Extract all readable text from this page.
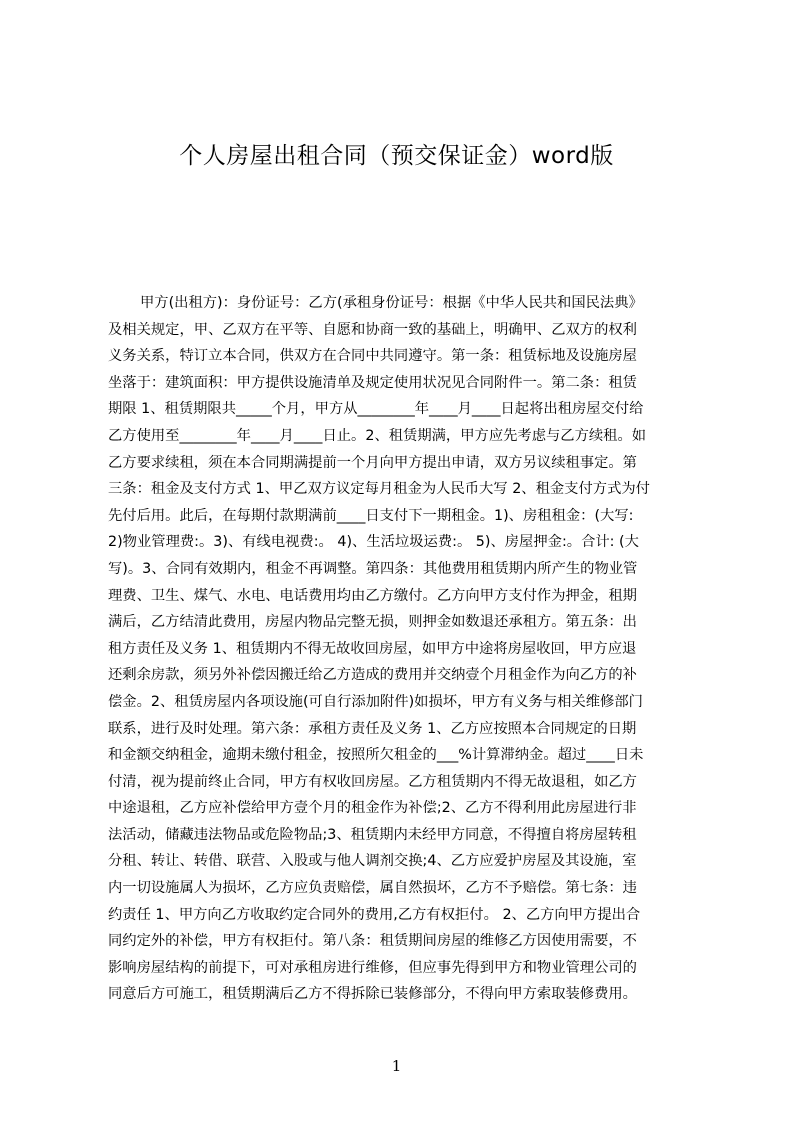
个人房屋出租合同（预交保证金）word版
甲方(出租方)：身份证号：乙方(承租身份证号：根据《中华人民共和国民法典》
及相关规定，甲、乙双方在平等、自愿和协商一致的基础上，明确甲、乙双方的权利
义务关系，特订立本合同，供双方在合同中共同遵守。第一条：租赁标地及设施房屋
坐落于：建筑面积：甲方提供设施清单及规定使用状况见合同附件一。第二条：租赁
期限 1、租赁期限共_____个月，甲方从________年____月____日起将出租房屋交付给
乙方使用至________年____月____日止。2、租赁期满，甲方应先考虑与乙方续租。如
乙方要求续租，须在本合同期满提前一个月向甲方提出申请，双方另议续租事定。第
三条：租金及支付方式 1、甲乙双方议定每月租金为人民币大写 2、租金支付方式为付
先付后用。此后，在每期付款期满前____日支付下一期租金。1)、房租租金：(大写:
2)物业管理费:。3)、有线电视费:。 4)、生活垃圾运费:。 5)、房屋押金:。合计: (大
写)。3、合同有效期内，租金不再调整。第四条：其他费用租赁期内所产生的物业管
理费、卫生、煤气、水电、电话费用均由乙方缴付。乙方向甲方支付作为押金，租期
满后，乙方结清此费用，房屋内物品完整无损，则押金如数退还承租方。第五条：出
租方责任及义务 1、租赁期内不得无故收回房屋，如甲方中途将房屋收回，甲方应退
还剩余房款，须另外补偿因搬迁给乙方造成的费用并交纳壹个月租金作为向乙方的补
偿金。2、租赁房屋内各项设施(可自行添加附件)如损坏，甲方有义务与相关维修部门
联系，进行及时处理。第六条：承租方责任及义务 1、乙方应按照本合同规定的日期
和金额交纳租金，逾期未缴付租金，按照所欠租金的___%计算滞纳金。超过____日未
付清，视为提前终止合同，甲方有权收回房屋。乙方租赁期内不得无故退租，如乙方
中途退租，乙方应补偿给甲方壹个月的租金作为补偿;2、乙方不得利用此房屋进行非
法活动，储藏违法物品或危险物品;3、租赁期内未经甲方同意，不得擅自将房屋转租
分租、转让、转借、联营、入股或与他人调剂交换;4、乙方应爱护房屋及其设施，室
内一切设施属人为损坏，乙方应负责赔偿，属自然损坏，乙方不予赔偿。第七条：违
约责任 1、甲方向乙方收取约定合同外的费用,乙方有权拒付。 2、乙方向甲方提出合
同约定外的补偿，甲方有权拒付。第八条：租赁期间房屋的维修乙方因使用需要，不
影响房屋结构的前提下，可对承租房进行维修，但应事先得到甲方和物业管理公司的
同意后方可施工，租赁期满后乙方不得拆除已装修部分，不得向甲方索取装修费用。
1
